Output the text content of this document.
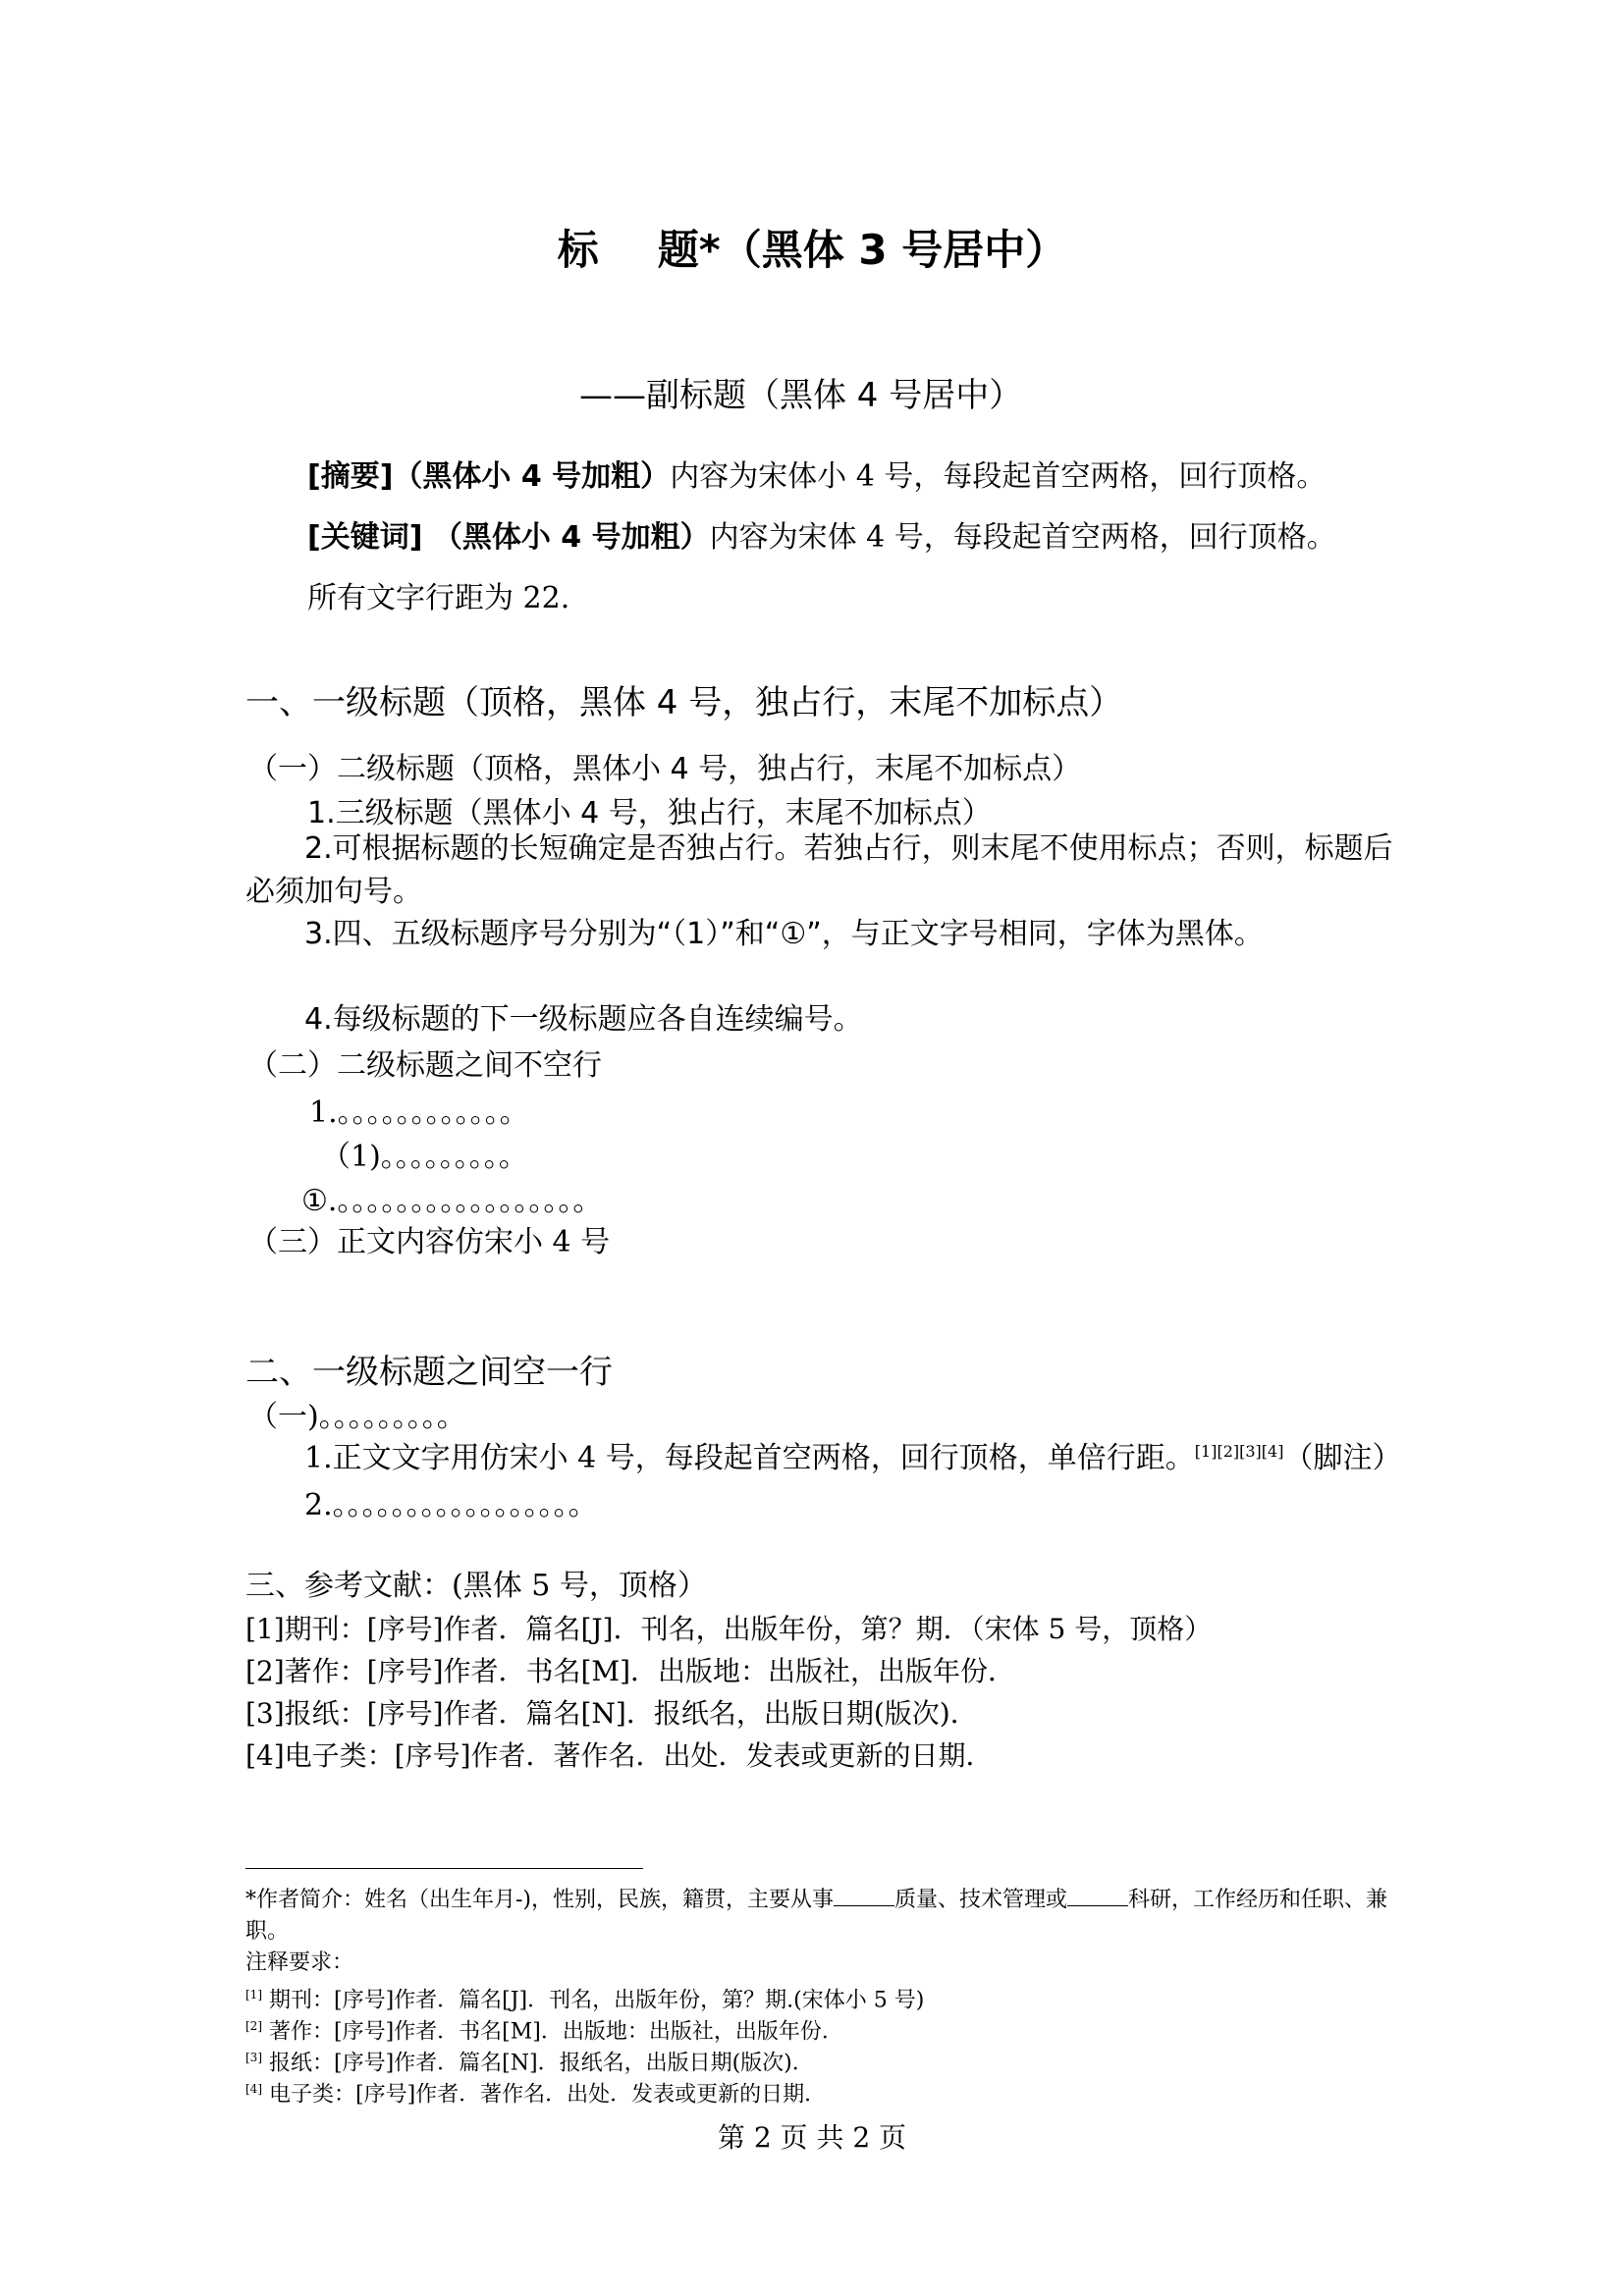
标 题*（黑体 3 号居中）
——副标题（黑体 4 号居中）
[摘要]（黑体小 4 号加粗）内容为宋体小 4 号，每段起首空两格，回行顶格。
[关键词] （黑体小 4 号加粗）内容为宋体 4 号，每段起首空两格，回行顶格。
所有文字行距为 22.
一、一级标题（顶格，黑体 4 号，独占行，末尾不加标点）
（一）二级标题（顶格，黑体小 4 号，独占行，末尾不加标点）
1.三级标题（黑体小 4 号，独占行，末尾不加标点）
2.可根据标题的长短确定是否独占行。若独占行，则末尾不使用标点；否则，标题后必须加句号。
3.四、五级标题序号分别为“（1）”和“①”，与正文字号相同，字体为黑体。
4.每级标题的下一级标题应各自连续编号。
（二）二级标题之间不空行
1.。。。。。。。。。。。。
（1)。。。。。。。。。
①.。。。。。。。。。。。。。。。。。
（三）正文内容仿宋小 4 号
二、一级标题之间空一行
（一)。。。。。。。。。
1.正文文字用仿宋小 4 号，每段起首空两格，回行顶格，单倍行距。[1][2][3][4]（脚注）
2.。。。。。。。。。。。。。。。。。
三、参考文献：(黑体 5 号，顶格）
[1]期刊：[序号]作者．篇名[J]．刊名，出版年份，第？期．（宋体 5 号，顶格）
[2]著作：[序号]作者．书名[M]．出版地：出版社，出版年份．
[3]报纸：[序号]作者．篇名[N]．报纸名，出版日期(版次)．
[4]电子类：[序号]作者．著作名．出处．发表或更新的日期．
*作者简介：姓名（出生年月-)，性别，民族，籍贯，主要从事	质量、技术管理或	科研，工作经历和任职、兼职。
注释要求：
[1] 期刊：[序号]作者．篇名[J]．刊名，出版年份，第？期.(宋体小 5 号)
[2] 著作：[序号]作者．书名[M]．出版地：出版社，出版年份．
[3] 报纸：[序号]作者．篇名[N]．报纸名，出版日期(版次)．
[4] 电子类：[序号]作者．著作名．出处．发表或更新的日期．
第 2 页 共 2 页
